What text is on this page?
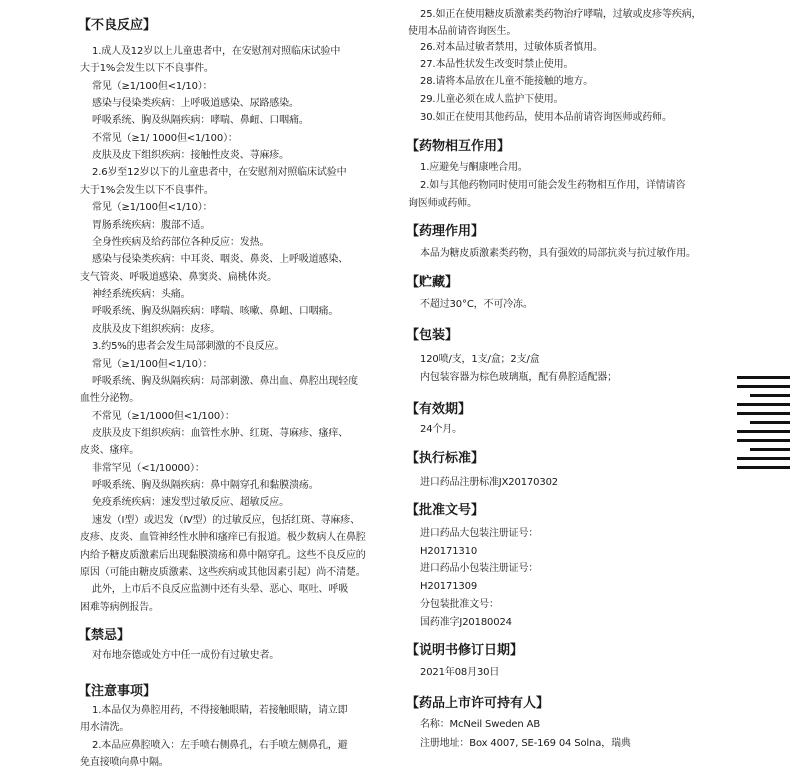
【不良反应】
1.成人及12岁以上儿童患者中，在安慰剂对照临床试验中
大于1%会发生以下不良事件。
常见（≥1/100但<1/10）：
感染与侵染类疾病：上呼吸道感染、尿路感染。
呼吸系统、胸及纵隔疾病：哮喘、鼻衄、口咽痛。
不常见（≥1/ 1000但<1/100）：
皮肤及皮下组织疾病：接触性皮炎、荨麻疹。
2.6岁至12岁以下的儿童患者中，在安慰剂对照临床试验中
大于1%会发生以下不良事件。
常见（≥1/100但<1/10）：
胃肠系统疾病：腹部不适。
全身性疾病及给药部位各种反应：发热。
感染与侵染类疾病：中耳炎、咽炎、鼻炎、上呼吸道感染、
支气管炎、呼吸道感染、鼻窦炎、扁桃体炎。
神经系统疾病：头痛。
呼吸系统、胸及纵隔疾病：哮喘、咳嗽、鼻衄、口咽痛。
皮肤及皮下组织疾病：皮疹。
3.约5%的患者会发生局部刺激的不良反应。
常见（≥1/100但<1/10）：
呼吸系统、胸及纵隔疾病：局部刺激、鼻出血、鼻腔出现轻度
血性分泌物。
不常见（≥1/1000但<1/100）：
皮肤及皮下组织疾病：血管性水肿、红斑、荨麻疹、瘙痒、
皮炎、瘙痒。
非常罕见（<1/10000）：
呼吸系统、胸及纵隔疾病：鼻中隔穿孔和黏膜溃疡。
免疫系统疾病：速发型过敏反应、超敏反应。
速发（Ⅰ型）或迟发（Ⅳ型）的过敏反应，包括红斑、荨麻疹、
皮疹、皮炎、血管神经性水肿和瘙痒已有报道。极少数病人在鼻腔
内给予糖皮质激素后出现黏膜溃疡和鼻中隔穿孔。这些不良反应的
原因（可能由糖皮质激素、这些疾病或其他因素引起）尚不清楚。
此外，上市后不良反应监测中还有头晕、恶心、呕吐、呼吸
困难等病例报告。
【禁忌】
对布地奈德或处方中任一成份有过敏史者。
【注意事项】
1.本品仅为鼻腔用药，不得接触眼睛，若接触眼睛，请立即
用水清洗。
2.本品应鼻腔喷入：左手喷右侧鼻孔，右手喷左侧鼻孔，避
免直接喷向鼻中隔。
25.如正在使用糖皮质激素类药物治疗哮喘，过敏或皮疹等疾病，
使用本品前请咨询医生。
26.对本品过敏者禁用，过敏体质者慎用。
27.本品性状发生改变时禁止使用。
28.请将本品放在儿童不能接触的地方。
29.儿童必须在成人监护下使用。
30.如正在使用其他药品，使用本品前请咨询医师或药师。
【药物相互作用】
1.应避免与酮康唑合用。
2.如与其他药物同时使用可能会发生药物相互作用，详情请咨
询医师或药师。
【药理作用】
本品为糖皮质激素类药物，具有强效的局部抗炎与抗过敏作用。
【贮藏】
不超过30°C，不可冷冻。
【包装】
120喷/支，1支/盒；2支/盒
内包装容器为棕色玻璃瓶，配有鼻腔适配器；
【有效期】
24个月。
【执行标准】
进口药品注册标准JX20170302
【批准文号】
进口药品大包装注册证号：
H20171310
进口药品小包装注册证号：
H20171309
分包装批准文号：
国药准字J20180024
【说明书修订日期】
2021年08月30日
【药品上市许可持有人】
名称：McNeil Sweden AB
注册地址：Box 4007, SE-169 04 Solna，瑞典
